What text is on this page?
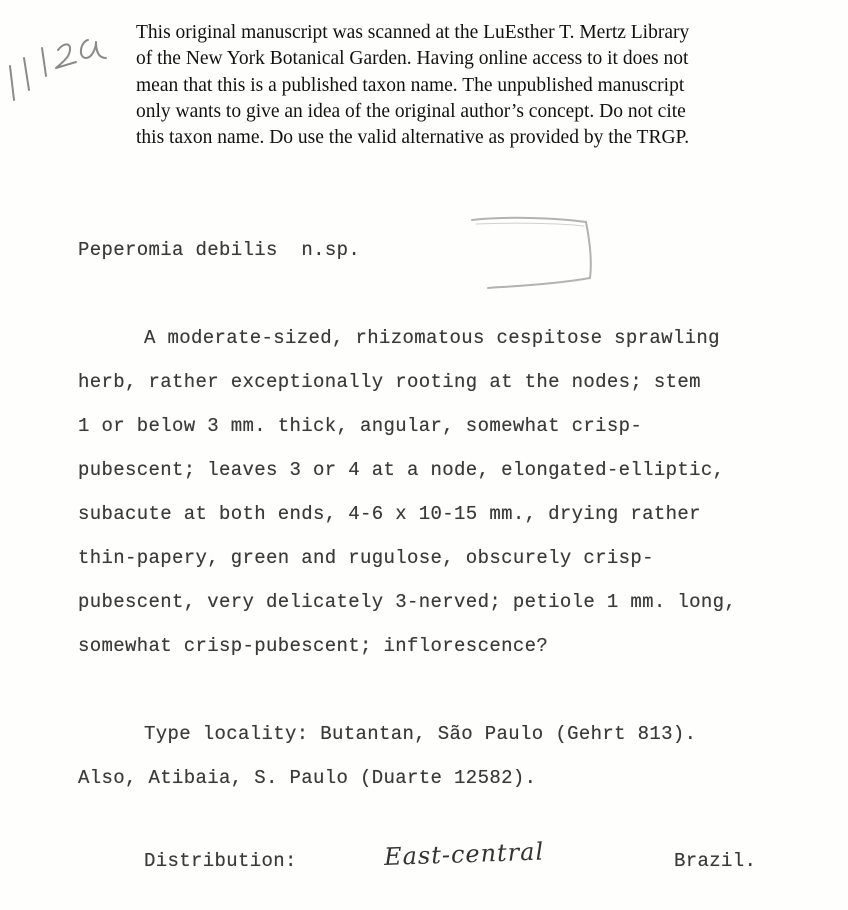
This original manuscript was scanned at the LuEsther T. Mertz Library
of the New York Botanical Garden. Having online access to it does not
mean that this is a published taxon name. The unpublished manuscript
only wants to give an idea of the original author’s concept. Do not cite
this taxon name. Do use the valid alternative as provided by the TRGP.
Peperomia debilis n.sp.
A moderate-sized, rhizomatous cespitose sprawling
herb, rather exceptionally rooting at the nodes; stem
1 or below 3 mm. thick, angular, somewhat crisp-
pubescent; leaves 3 or 4 at a node, elongated-elliptic,
subacute at both ends, 4-6 x 10-15 mm., drying rather
thin-papery, green and rugulose, obscurely crisp-
pubescent, very delicately 3-nerved; petiole 1 mm. long,
somewhat crisp-pubescent; inflorescence?
Type locality: Butantan, São Paulo (Gehrt 813).
Also, Atibaia, S. Paulo (Duarte 12582).
Distribution:	East-central	Brazil.
